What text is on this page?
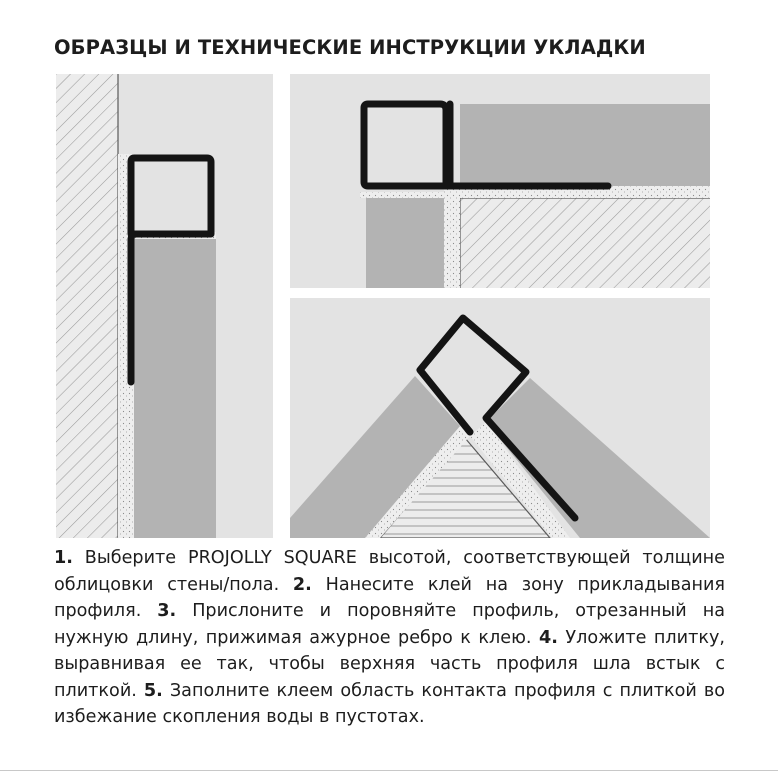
ОБРАЗЦЫ И ТЕХНИЧЕСКИЕ ИНСТРУКЦИИ УКЛАДКИ
1. Выберите PROJOLLY SQUARE высотой, соответствующей толщине облицовки стены/пола. 2. Нанесите клей на зону прикладывания профиля. 3. Прислоните и поровняйте профиль, отрезанный на нужную длину, прижимая ажурное ребро к клею. 4. Уложите плитку, выравнивая ее так, чтобы верхняя часть профиля шла встык с плиткой. 5. Заполните клеем область контакта профиля с плиткой во избежание скопления воды в пустотах.
